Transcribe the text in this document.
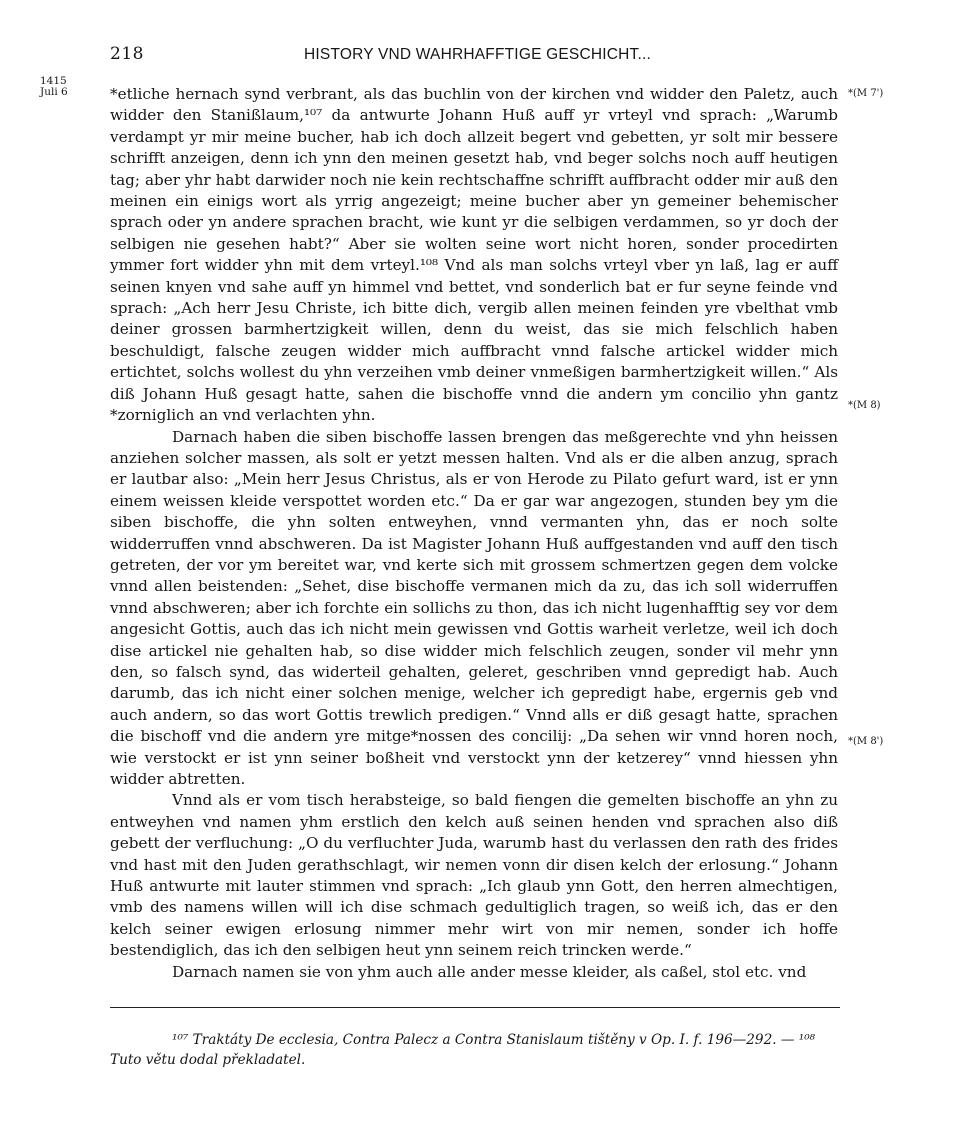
218	HISTORY VND WAHRHAFFTIGE GESCHICHT...
1415
Juli 6	*(M 7')
*(M 8)
*(M 8')

*etliche hernach synd verbrant, als das buchlin von der kirchen vnd widder den Paletz, auch widder den Stanißlaum,¹⁰⁷ da antwurte Johann Huß auff yr vrteyl vnd sprach: „Warumb verdampt yr mir meine bucher, hab ich doch allzeit begert vnd gebetten, yr solt mir bessere schrifft anzeigen, denn ich ynn den meinen gesetzt hab, vnd beger solchs noch auff heutigen tag; aber yhr habt darwider noch nie kein rechtschaffne schrifft auffbracht odder mir auß den meinen ein einigs wort als yrrig angezeigt; meine bucher aber yn gemeiner behemischer sprach oder yn andere sprachen bracht, wie kunt yr die selbigen verdammen, so yr doch der selbigen nie gesehen habt?“ Aber sie wolten seine wort nicht horen, sonder procedirten ymmer fort widder yhn mit dem vrteyl.¹⁰⁸ Vnd als man solchs vrteyl vber yn laß, lag er auff seinen knyen vnd sahe auff yn himmel vnd bettet, vnd sonderlich bat er fur seyne feinde vnd sprach: „Ach herr Jesu Christe, ich bitte dich, vergib allen meinen feinden yre vbelthat vmb deiner grossen barmhertzigkeit willen, denn du weist, das sie mich felschlich haben beschuldigt, falsche zeugen widder mich auffbracht vnnd falsche artickel widder mich ertichtet, solchs wollest du yhn verzeihen vmb deiner vnmeßigen barmhertzigkeit willen.“ Als diß Johann Huß gesagt hatte, sahen die bischoffe vnnd die andern ym concilio yhn gantz *zorniglich an vnd verlachten yhn.

Darnach haben die siben bischoffe lassen brengen das meßgerechte vnd yhn heissen anziehen solcher massen, als solt er yetzt messen halten. Vnd als er die alben anzug, sprach er lautbar also: „Mein herr Jesus Christus, als er von Herode zu Pilato gefurt ward, ist er ynn einem weissen kleide verspottet worden etc.“ Da er gar war angezogen, stunden bey ym die siben bischoffe, die yhn solten entweyhen, vnnd vermanten yhn, das er noch solte widderruffen vnnd abschweren. Da ist Magister Johann Huß auffgestanden vnd auff den tisch getreten, der vor ym bereitet war, vnd kerte sich mit grossem schmertzen gegen dem volcke vnnd allen beistenden: „Sehet, dise bischoffe vermanen mich da zu, das ich soll widerruffen vnnd abschweren; aber ich forchte ein sollichs zu thon, das ich nicht lugenhafftig sey vor dem angesicht Gottis, auch das ich nicht mein gewissen vnd Gottis warheit verletze, weil ich doch dise artickel nie gehalten hab, so dise widder mich felschlich zeugen, sonder vil mehr ynn den, so falsch synd, das widerteil gehalten, geleret, geschriben vnnd gepredigt hab. Auch darumb, das ich nicht einer solchen menige, welcher ich gepredigt habe, ergernis geb vnd auch andern, so das wort Gottis trewlich predigen.“ Vnnd alls er diß gesagt hatte, sprachen die bischoff vnd die andern yre mitge*nossen des concilij: „Da sehen wir vnnd horen noch, wie verstockt er ist ynn seiner boßheit vnd verstockt ynn der ketzerey“ vnnd hiessen yhn widder abtretten.

Vnnd als er vom tisch herabsteige, so bald fiengen die gemelten bischoffe an yhn zu entweyhen vnd namen yhm erstlich den kelch auß seinen henden vnd sprachen also diß gebett der verfluchung: „O du verfluchter Juda, warumb hast du verlassen den rath des frides vnd hast mit den Juden gerathschlagt, wir nemen vonn dir disen kelch der erlosung.“ Johann Huß antwurte mit lauter stimmen vnd sprach: „Ich glaub ynn Gott, den herren almechtigen, vmb des namens willen will ich dise schmach gedultiglich tragen, so weiß ich, das er den kelch seiner ewigen erlosung nimmer mehr wirt von mir nemen, sonder ich hoffe bestendiglich, das ich den selbigen heut ynn seinem reich trincken werde.“

Darnach namen sie von yhm auch alle ander messe kleider, als caßel, stol etc. vnd

¹⁰⁷ Traktáty De ecclesia, Contra Palecz a Contra Stanislaum tištěny v Op. I. f. 196—292. — ¹⁰⁸ Tuto větu dodal překladatel.
